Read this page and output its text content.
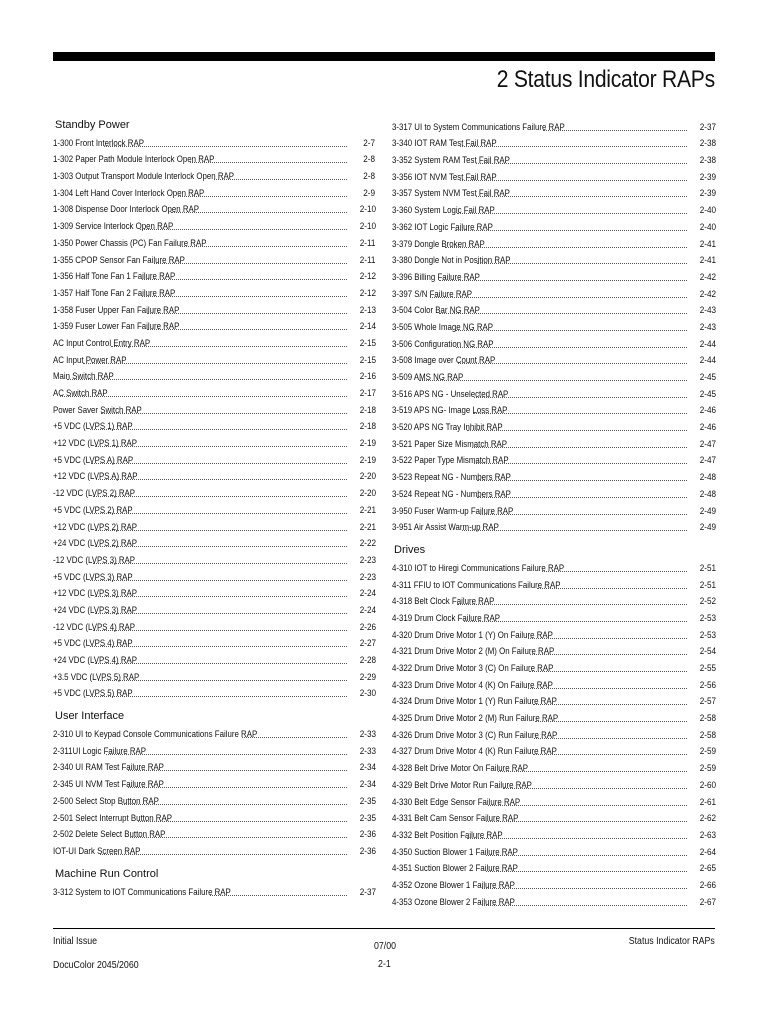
2 Status Indicator RAPs
Standby Power
1-300 Front Interlock RAP	2-7
1-302 Paper Path Module Interlock Open RAP	2-8
1-303 Output Transport Module Interlock Open RAP	2-8
1-304 Left Hand Cover Interlock Open RAP	2-9
1-308 Dispense Door Interlock Open RAP	2-10
1-309 Service Interlock Open RAP	2-10
1-350 Power Chassis (PC) Fan Failure RAP	2-11
1-355 CPOP Sensor Fan Failure RAP	2-11
1-356 Half Tone Fan 1 Failure RAP	2-12
1-357 Half Tone Fan 2 Failure RAP	2-12
1-358 Fuser Upper Fan Failure RAP	2-13
1-359 Fuser Lower Fan Failure RAP	2-14
AC Input Control Entry RAP	2-15
AC Input Power RAP	2-15
Main Switch RAP	2-16
AC Switch RAP	2-17
Power Saver Switch RAP	2-18
+5 VDC (LVPS 1) RAP	2-18
+12 VDC (LVPS 1) RAP	2-19
+5 VDC (LVPS A) RAP	2-19
+12 VDC (LVPS A) RAP	2-20
-12 VDC (LVPS 2) RAP	2-20
+5 VDC (LVPS 2) RAP	2-21
+12 VDC (LVPS 2) RAP	2-21
+24 VDC (LVPS 2) RAP	2-22
-12 VDC (LVPS 3) RAP	2-23
+5 VDC (LVPS 3) RAP	2-23
+12 VDC (LVPS 3) RAP	2-24
+24 VDC (LVPS 3) RAP	2-24
-12 VDC (LVPS 4) RAP	2-26
+5 VDC (LVPS 4) RAP	2-27
+24 VDC (LVPS 4) RAP	2-28
+3.5 VDC (LVPS 5) RAP	2-29
+5 VDC (LVPS 5) RAP	2-30
User Interface
2-310 UI to Keypad Console Communications Failure RAP	2-33
2-311UI Logic Failure RAP	2-33
2-340 UI RAM Test Failure RAP	2-34
2-345 UI NVM Test Failure RAP	2-34
2-500 Select Stop Button RAP	2-35
2-501 Select Interrupt Button RAP	2-35
2-502 Delete Select Button RAP	2-36
IOT-UI Dark Screen RAP	2-36
Machine Run Control
3-312 System to IOT Communications Failure RAP	2-37
3-317 UI to System Communications Failure RAP	2-37
3-340 IOT RAM Test Fail RAP	2-38
3-352 System RAM Test Fail RAP	2-38
3-356 IOT NVM Test Fail RAP	2-39
3-357 System NVM Test Fail RAP	2-39
3-360 System Logic Fail RAP	2-40
3-362 IOT Logic Failure RAP	2-40
3-379 Dongle Broken RAP	2-41
3-380 Dongle Not in Position RAP	2-41
3-396 Billing Failure RAP	2-42
3-397 S/N Failure RAP	2-42
3-504 Color Bar NG RAP	2-43
3-505 Whole Image NG RAP	2-43
3-506 Configuration NG RAP	2-44
3-508 Image over Count RAP	2-44
3-509 AMS NG RAP	2-45
3-516 APS NG - Unselected RAP	2-45
3-519 APS NG- Image Loss RAP	2-46
3-520 APS NG Tray Inhibit RAP	2-46
3-521 Paper Size Mismatch RAP	2-47
3-522 Paper Type Mismatch RAP	2-47
3-523 Repeat NG - Numbers RAP	2-48
3-524 Repeat NG - Numbers RAP	2-48
3-950 Fuser Warm-up Failure RAP	2-49
3-951 Air Assist Warm-up RAP	2-49
Drives
4-310 IOT to Hiregi Communications Failure RAP	2-51
4-311 FFIU to IOT Communications Failure RAP	2-51
4-318 Belt Clock Failure RAP	2-52
4-319 Drum Clock Failure RAP	2-53
4-320 Drum Drive Motor 1 (Y) On Failure RAP	2-53
4-321 Drum Drive Motor 2 (M) On Failure RAP	2-54
4-322 Drum Drive Motor 3 (C) On Failure RAP	2-55
4-323 Drum Drive Motor 4 (K) On Failure RAP	2-56
4-324 Drum Drive Motor 1 (Y) Run Failure RAP	2-57
4-325 Drum Drive Motor 2 (M) Run Failure RAP	2-58
4-326 Drum Drive Motor 3 (C) Run Failure RAP	2-58
4-327 Drum Drive Motor 4 (K) Run Failure RAP	2-59
4-328 Belt Drive Motor On Failure RAP	2-59
4-329 Belt Drive Motor Run Failure RAP	2-60
4-330 Belt Edge Sensor Failure RAP	2-61
4-331 Belt Cam Sensor Failure RAP	2-62
4-332 Belt Position Failure RAP	2-63
4-350 Suction Blower 1 Failure RAP	2-64
4-351 Suction Blower 2 Failure RAP	2-65
4-352 Ozone Blower 1 Failure RAP	2-66
4-353 Ozone Blower 2 Failure RAP	2-67
Initial Issue
DocuColor 2045/2060
07/00
2-1
Status Indicator RAPs
